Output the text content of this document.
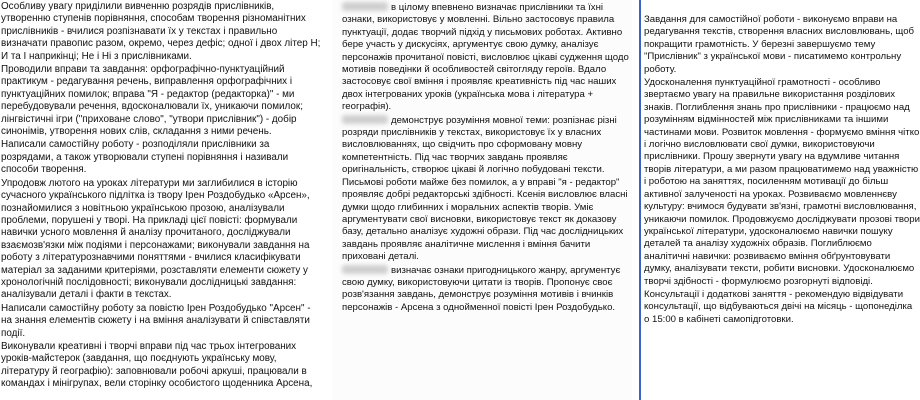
Особливу увагу приділили вивченню розрядів прислівників, утворенню ступенів порівняння, способам творення різноманітних прислівників - вчилися розпізнавати їх у текстах і правильно визначати правопис разом, окремо, через дефіс; одної і двох літер Н; И та І наприкінці; Не і Ні з прислівниками.

Проводили вправи та завдання: орфографічно-пунктуаційний практикум - редагування речень, виправлення орфографічних і пунктуаційних помилок; вправа "Я - редактор (редакторка)" - ми перебудовували речення, вдосконалювали їх, уникаючи помилок; лінгвістичні ігри ("приховане слово", "утвори прислівник") - добір синонімів, утворення нових слів, складання з ними речень.

Написали самостійну роботу - розподіляли прислівники за розрядами, а також утворювали ступені порівняння і називали способи творення.

Упродовж лютого на уроках літератури ми заглибилися в історію сучасного українського підлітка із твору Ірен Роздобудько «Арсен», познайомилися з новітньою українською прозою, аналізували проблеми, порушені у творі. На прикладі цієї повісті: формували навички усного мовлення й аналізу прочитаного, досліджували взаємозв'язки між подіями і персонажами; виконували завдання на роботу з літературознавчими поняттями - вчилися класифікувати матеріал за заданими критеріями, розставляти елементи сюжету у хронологічній послідовності; виконували дослідницькі завдання: аналізували деталі і факти в текстах.

Написали самостійну роботу за повістю Ірен Роздобудько "Арсен" - на знання елементів сюжету і на вміння аналізувати й співставляти події.

Виконували креативні і творчі вправи під час трьох інтегрованих уроків-майстерок (завдання, що поєднують українську мову, літературу й географію): заповнювали робочі аркуші, працювали в командах і мінігрупах, вели сторінку особистого щоденника Арсена,

в цілому впевнено визначає прислівники та їхні ознаки, використовує у мовленні. Вільно застосовує правила пунктуації, додає творчий підхід у письмових роботах. Активно бере участь у дискусіях, аргументує свою думку, аналізує персонажів прочитаної повісті, висловлює цікаві судження щодо мотивів поведінки й особливостей світогляду героїв. Вдало застосовує свої вміння і проявляє креативність під час наших двох інтегрованих уроків (українська мова і література + географія).

демонструє розуміння мовної теми: розпізнає різні розряди прислівників у текстах, використовує їх у власних висловлюваннях, що свідчить про сформовану мовну компетентність. Під час творчих завдань проявляє оригінальність, створює цікаві й логічно побудовані тексти. Письмові роботи майже без помилок, а у вправі "я - редактор" проявляє добрі редакторські здібності. Ксенія висловлює власні думки щодо глибинних і моральних аспектів творів. Уміє аргументувати свої висновки, використовує текст як доказову базу, детально аналізує художні образи. Під час дослідницьких завдань проявляє аналітичне мислення і вміння бачити приховані деталі.

визначає ознаки пригодницького жанру, аргументує свою думку, використовуючи цитати із творів. Пропонує своє розв'язання завдань, демонструє розуміння мотивів і вчинків персонажів - Арсена з однойменної повісті Ірен Роздобудько.

Завдання для самостійної роботи - виконуємо вправи на редагування текстів, створення власних висловлювань, щоб покращити грамотність. У березні завершуємо тему "Прислівник" з української мови - писатимемо контрольну роботу.

Удосконалення пунктуаційної грамотності - особливо звертаємо увагу на правильне використання розділових знаків. Поглиблення знань про прислівники - працюємо над розумінням відмінностей між прислівниками та іншими частинами мови. Розвиток мовлення - формуємо вміння чітко і логічно висловлювати свої думки, використовуючи прислівники. Прошу звернути увагу на вдумливе читання творів літератури, а ми разом працюватимемо над уважністю і роботою на заняттях, посиленням мотивації до більш активної залученості на уроках. Розвиваємо мовленнєву культуру: вчимося будувати зв'язні, грамотні висловлювання, уникаючи помилок. Продовжуємо досліджувати прозові твори української літератури, удосконалюємо навички пошуку деталей та аналізу художніх образів. Поглиблюємо аналітичні навички: розвиваємо вміння обґрунтовувати думку, аналізувати тексти, робити висновки. Удосконалюємо творчі здібності - формулюємо розгорнуті відповіді.

Консультації і додаткові заняття - рекомендую відвідувати консультації, що відбуваються двічі на місяць - щопонеділка о 15:00 в кабінеті самопідготовки.
